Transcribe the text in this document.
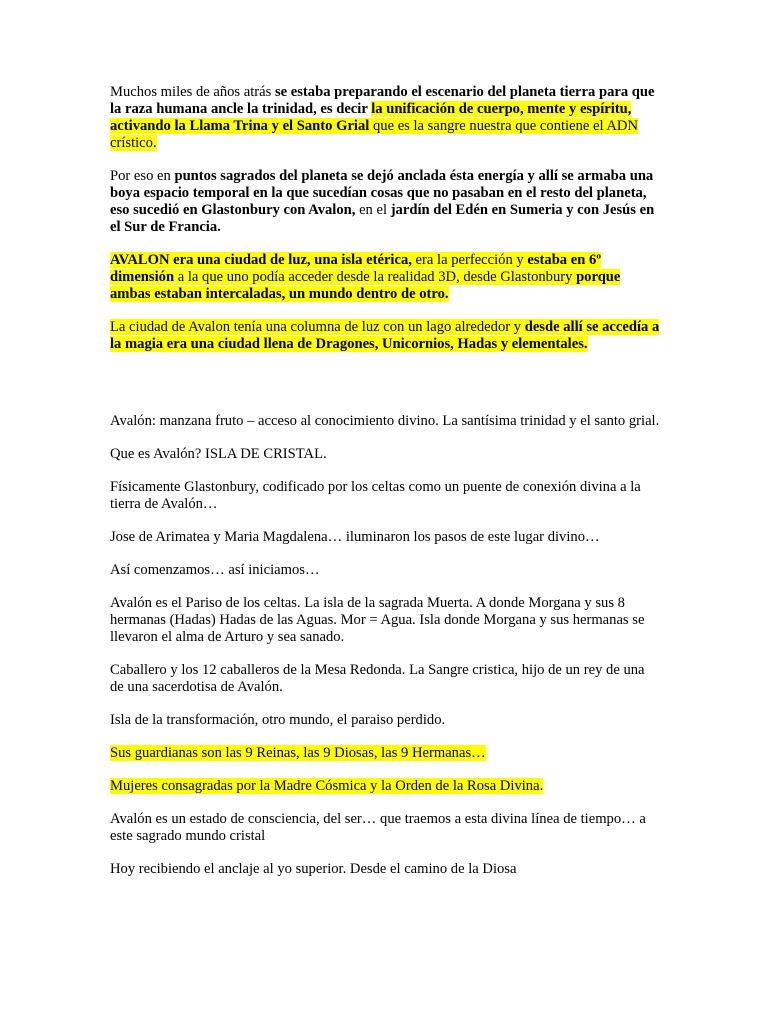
Muchos miles de años atrás se estaba preparando el escenario del planeta tierra para que la raza humana ancle la trinidad, es decir la unificación de cuerpo, mente y espíritu, activando la Llama Trina y el Santo Grial que es la sangre nuestra que contiene el ADN crístico.

Por eso en puntos sagrados del planeta se dejó anclada ésta energía y allí se armaba una boya espacio temporal en la que sucedían cosas que no pasaban en el resto del planeta, eso sucedió en Glastonbury con Avalon, en el jardín del Edén en Sumeria y con Jesús en el Sur de Francia.

AVALON era una ciudad de luz, una isla etérica, era la perfección y estaba en 6º dimensión a la que uno podía acceder desde la realidad 3D, desde Glastonbury porque ambas estaban intercaladas, un mundo dentro de otro.

La ciudad de Avalon tenía una columna de luz con un lago alrededor y desde allí se accedía a la magia era una ciudad llena de Dragones, Unicornios, Hadas y elementales.

Avalón: manzana fruto – acceso al conocimiento divino. La santísima trinidad y el santo grial.

Que es Avalón? ISLA DE CRISTAL.

Físicamente Glastonbury, codificado por los celtas como un puente de conexión divina a la tierra de Avalón…

Jose de Arimatea y Maria Magdalena… iluminaron los pasos de este lugar divino…

Así comenzamos… así iniciamos…

Avalón es el Pariso de los celtas. La isla de la sagrada Muerta. A donde Morgana y sus 8 hermanas (Hadas) Hadas de las Aguas. Mor = Agua. Isla donde Morgana y sus hermanas se llevaron el alma de Arturo y sea sanado.

Caballero y los 12 caballeros de la Mesa Redonda. La Sangre cristica, hijo de un rey de una de una sacerdotisa de Avalón.

Isla de la transformación, otro mundo, el paraiso perdido.

Sus guardianas son las 9 Reinas, las 9 Diosas, las 9 Hermanas…

Mujeres consagradas por la Madre Cósmica y la Orden de la Rosa Divina.

Avalón es un estado de consciencia, del ser… que traemos a esta divina línea de tiempo… a este sagrado mundo cristal

Hoy recibiendo el anclaje al yo superior. Desde el camino de la Diosa
